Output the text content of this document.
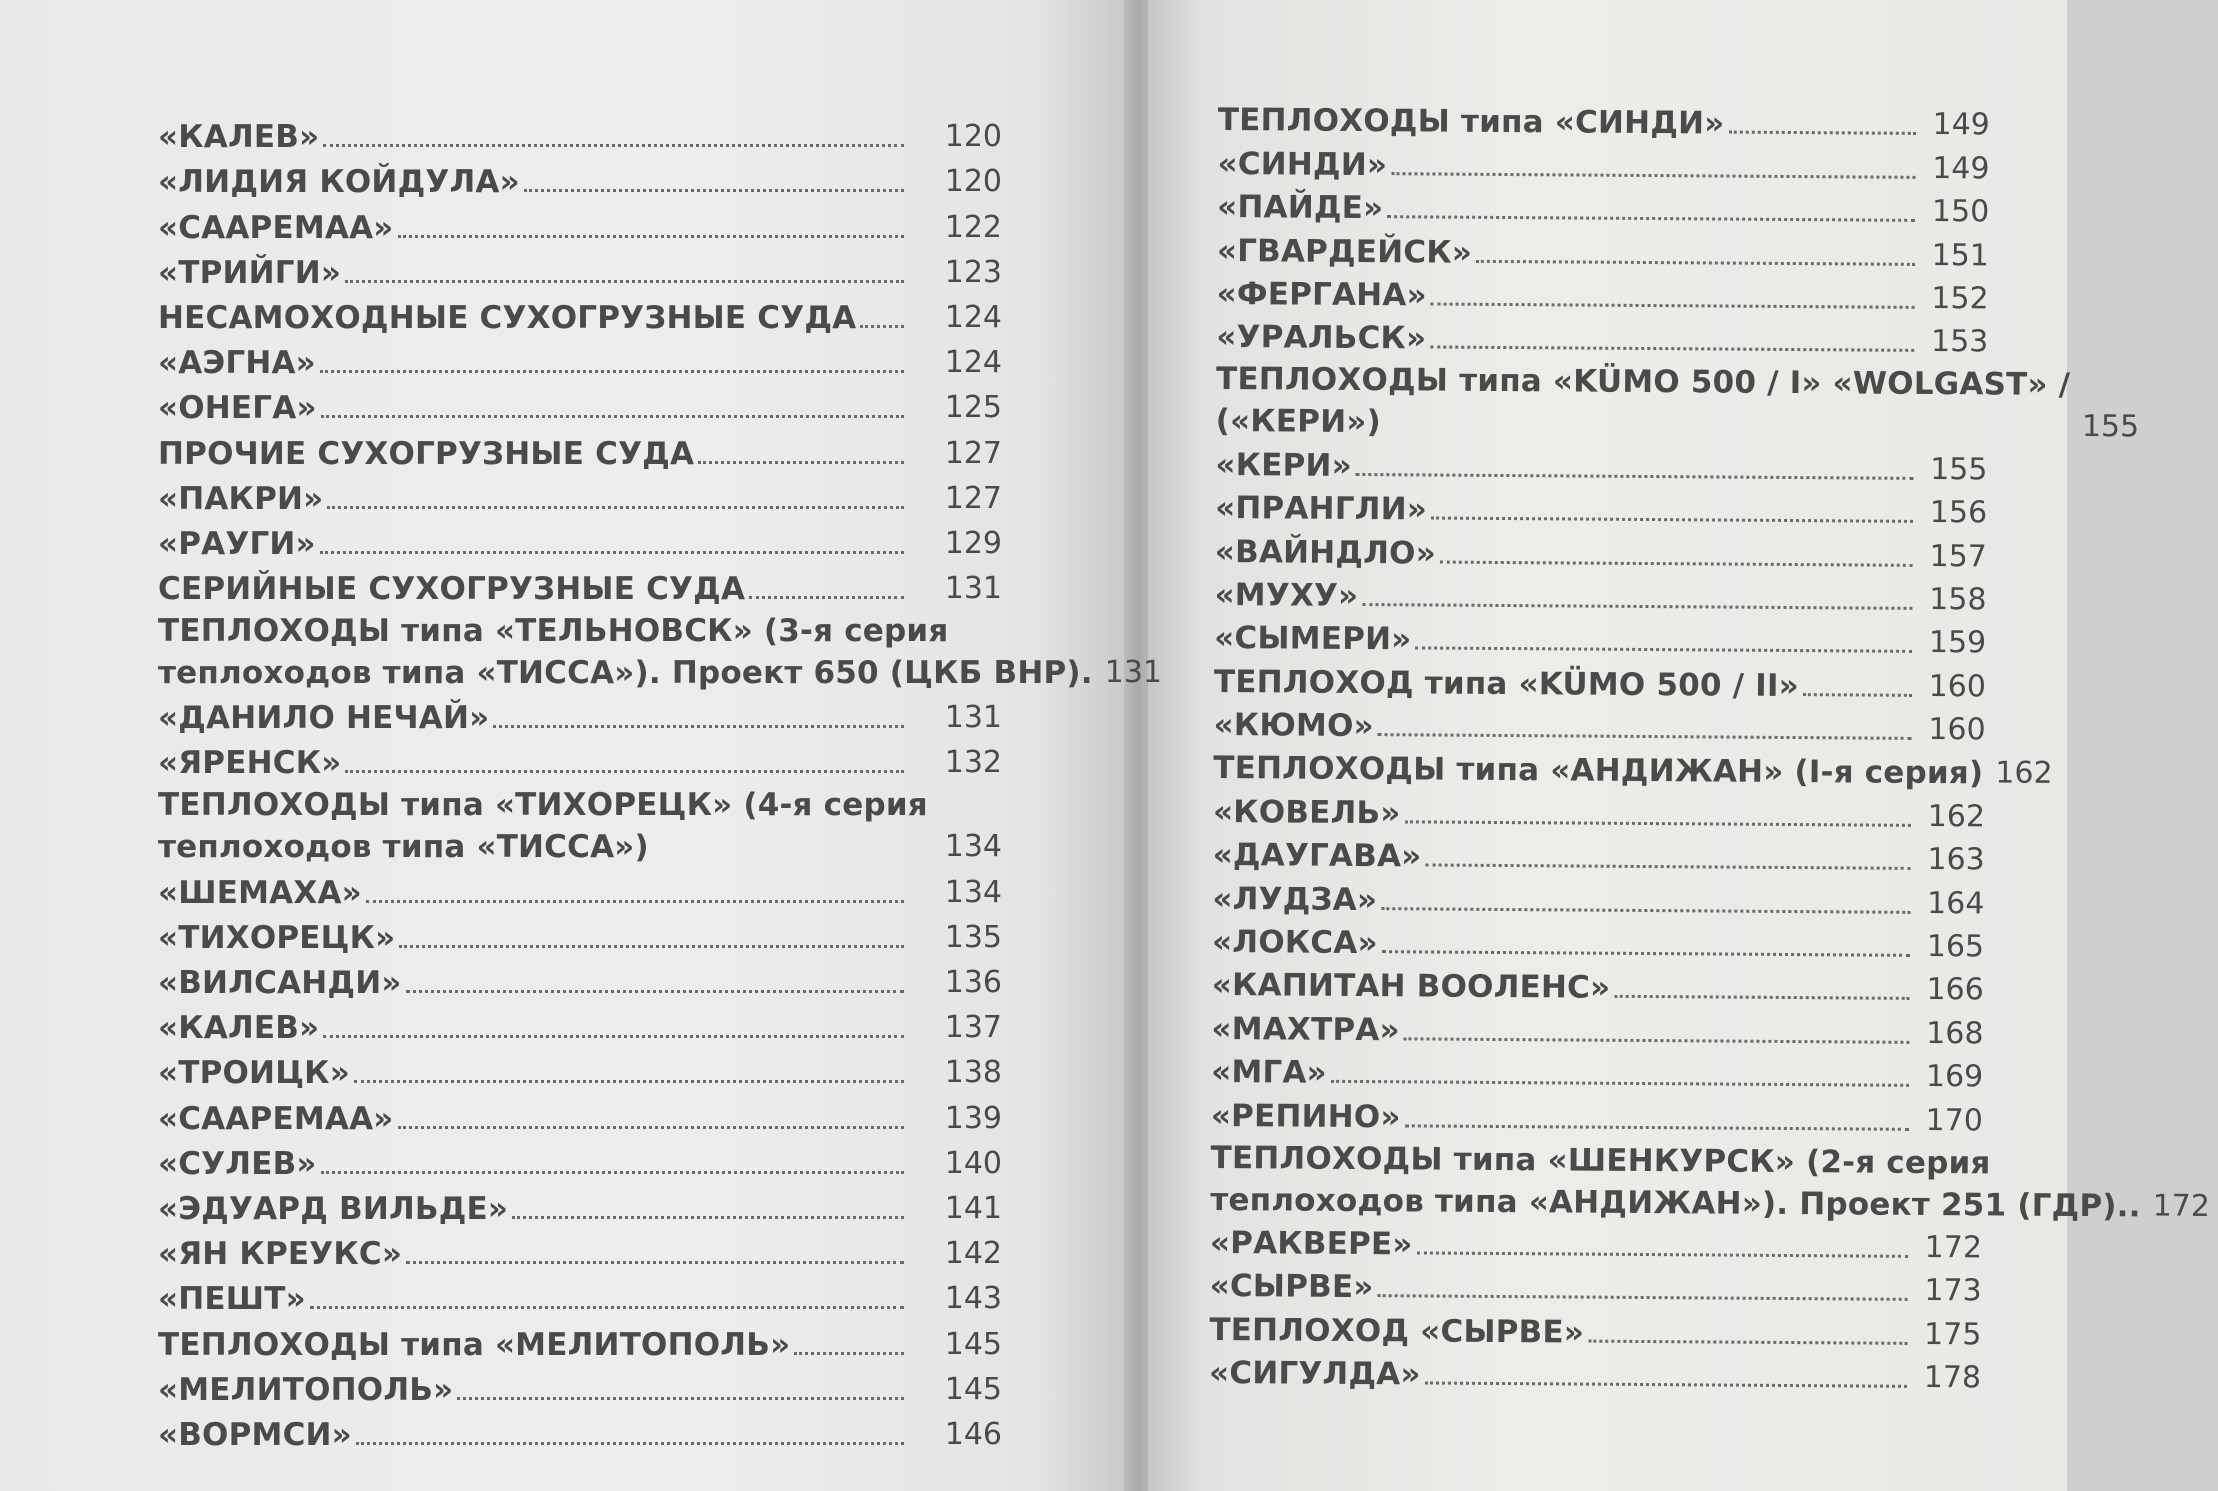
«КАЛЕВ»	120
«ЛИДИЯ КОЙДУЛА»	120
«СААРЕМАА»	122
«ТРИЙГИ»	123
НЕСАМОХОДНЫЕ СУХОГРУЗНЫЕ СУДА	124
«АЭГНА»	124
«ОНЕГА»	125
ПРОЧИЕ СУХОГРУЗНЫЕ СУДА	127
«ПАКРИ»	127
«РАУГИ»	129
СЕРИЙНЫЕ СУХОГРУЗНЫЕ СУДА	131
ТЕПЛОХОДЫ типа «ТЕЛЬНОВСК» (3-я серия
теплоходов типа «ТИССА»). Проект 650 (ЦКБ ВНР). 131
«ДАНИЛО НЕЧАЙ»	131
«ЯРЕНСК»	132
ТЕПЛОХОДЫ типа «ТИХОРЕЦК» (4-я серия
теплоходов типа «ТИССА»)	134
«ШЕМАХА»	134
«ТИХОРЕЦК»	135
«ВИЛСАНДИ»	136
«КАЛЕВ»	137
«ТРОИЦК»	138
«СААРЕМАА»	139
«СУЛЕВ»	140
«ЭДУАРД ВИЛЬДЕ»	141
«ЯН КРЕУКС»	142
«ПЕШТ»	143
ТЕПЛОХОДЫ типа «МЕЛИТОПОЛЬ»	145
«МЕЛИТОПОЛЬ»	145
«ВОРМСИ»	146
ТЕПЛОХОДЫ типа «СИНДИ»	149
«СИНДИ»	149
«ПАЙДЕ»	150
«ГВАРДЕЙСК»	151
«ФЕРГАНА»	152
«УРАЛЬСК»	153
ТЕПЛОХОДЫ типа «KÜMO 500 / I» «WOLGAST» /
(«КЕРИ»)	155
«КЕРИ»	155
«ПРАНГЛИ»	156
«ВАЙНДЛО»	157
«МУХУ»	158
«СЫМЕРИ»	159
ТЕПЛОХОД типа «KÜMO 500 / II»	160
«КЮМО»	160
ТЕПЛОХОДЫ типа «АНДИЖАН» (I-я серия) 162
«КОВЕЛЬ»	162
«ДАУГАВА»	163
«ЛУДЗА»	164
«ЛОКСА»	165
«КАПИТАН ВООЛЕНС»	166
«МАХТРА»	168
«МГА»	169
«РЕПИНО»	170
ТЕПЛОХОДЫ типа «ШЕНКУРСК» (2-я серия
теплоходов типа «АНДИЖАН»). Проект 251 (ГДР).. 172
«РАКВЕРЕ»	172
«СЫРВЕ»	173
ТЕПЛОХОД «СЫРВЕ»	175
«СИГУЛДА»	178
